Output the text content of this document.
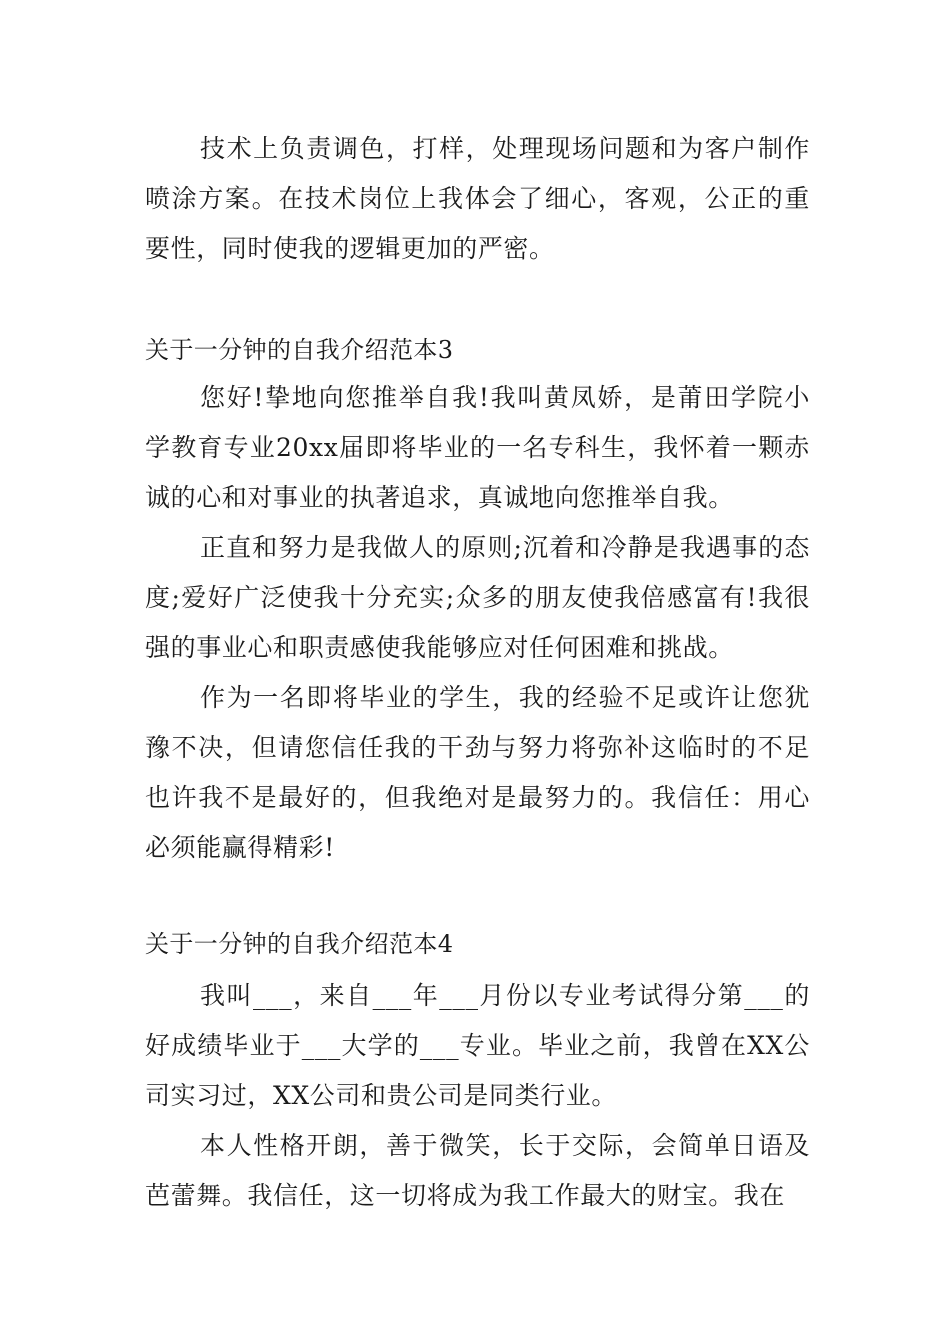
技术上负责调色，打样，处理现场问题和为客户制作喷涂方案。在技术岗位上我体会了细心，客观，公正的重要性，同时使我的逻辑更加的严密。

关于一分钟的自我介绍范本3

您好!挚地向您推举自我!我叫黄凤娇，是莆田学院小学教育专业20xx届即将毕业的一名专科生，我怀着一颗赤诚的心和对事业的执著追求，真诚地向您推举自我。

正直和努力是我做人的原则;沉着和冷静是我遇事的态度;爱好广泛使我十分充实;众多的朋友使我倍感富有!我很强的事业心和职责感使我能够应对任何困难和挑战。

作为一名即将毕业的学生，我的经验不足或许让您犹豫不决，但请您信任我的干劲与努力将弥补这临时的不足也许我不是最好的，但我绝对是最努力的。我信任：用心必须能赢得精彩!

关于一分钟的自我介绍范本4

我叫___，来自___年___月份以专业考试得分第___的好成绩毕业于___大学的___专业。毕业之前，我曾在XX公司实习过，XX公司和贵公司是同类行业。

本人性格开朗，善于微笑，长于交际，会简单日语及芭蕾舞。我信任，这一切将成为我工作最大的财宝。我在
